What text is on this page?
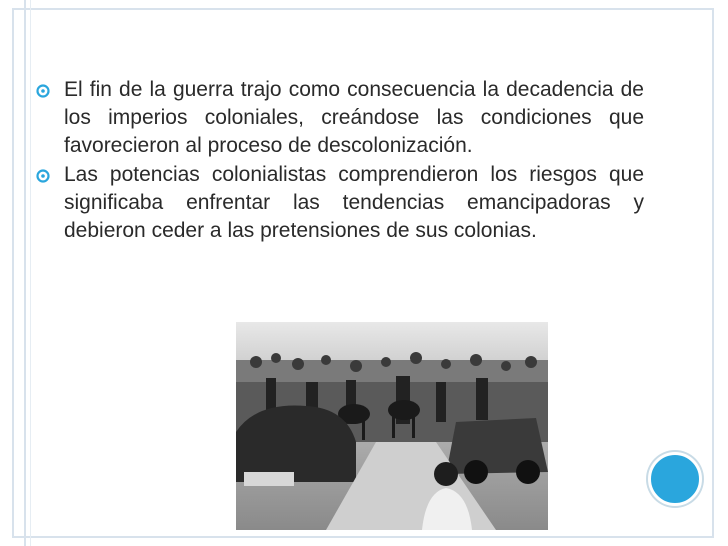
El fin de la guerra trajo como consecuencia la decadencia de los imperios coloniales, creándose las condiciones que favorecieron al proceso de descolonización.
Las potencias colonialistas comprendieron los riesgos que significaba enfrentar las tendencias emancipadoras y debieron ceder a las pretensiones de sus colonias.
